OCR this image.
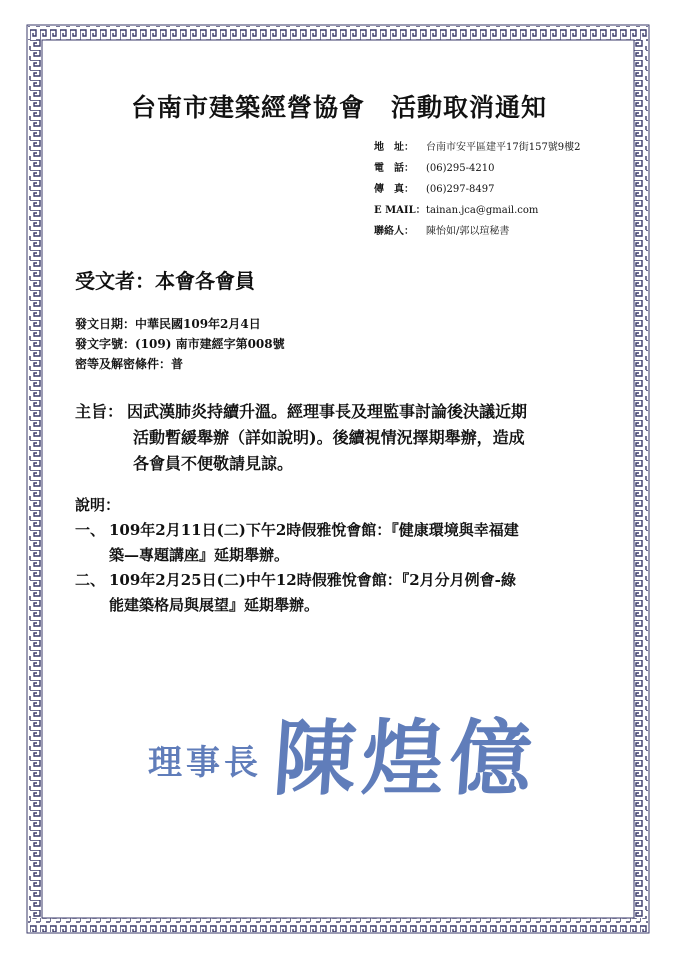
台南市建築經營協會　活動取消通知
地　址：	台南市安平區建平17街157號9樓2
電　話：	(06)295-4210
傳　真：	(06)297-8497
E MAIL： tainan.jca@gmail.com
聯絡人：	陳怡如/郭以瑄秘書
受文者：本會各會員
發文日期：中華民國109年2月4日
發文字號：(109) 南市建經字第008號
密等及解密條件：普
主旨： 因武漢肺炎持續升溫。經理事長及理監事討論後決議近期
活動暫緩舉辦（詳如說明)。後續視情況擇期舉辦，造成
各會員不便敬請見諒。
說明：
一、 109年2月11日(二)下午2時假雅悅會館：『健康環境與幸福建
築—專題講座』延期舉辦。
二、 109年2月25日(二)中午12時假雅悅會館：『2月分月例會-綠
能建築格局與展望』延期舉辦。
理事長 陳煌億
